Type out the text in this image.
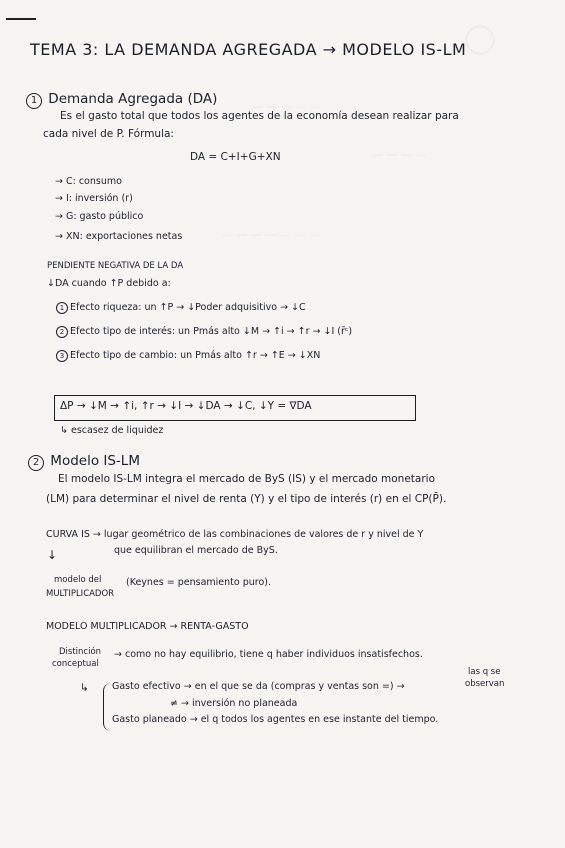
— — — — —
— — — —
— — — — — — —
TEMA 3: LA DEMANDA AGREGADA → MODELO IS-LM
1 Demanda Agregada (DA)
Es el gasto total que todos los agentes de la economía desean realizar para
cada nivel de P. Fórmula:
DA = C+I+G+XN
→ C: consumo
→ I: inversión (r)
→ G: gasto público
→ XN: exportaciones netas
PENDIENTE NEGATIVA DE LA DA
↓DA cuando ↑P debido a:
1 Efecto riqueza: un ↑P → ↓Poder adquisitivo → ↓C
2 Efecto tipo de interés: un Pmás alto ↓M → ↑i → ↑r → ↓I (r̄ᶜ)
3 Efecto tipo de cambio: un Pmás alto ↑r → ↑E → ↓XN
ΔP → ↓M → ↑i, ↑r → ↓I → ↓DA → ↓C, ↓Y = ∇DA
↳ escasez de liquidez
2 Modelo IS-LM
El modelo IS-LM integra el mercado de ByS (IS) y el mercado monetario
(LM) para determinar el nivel de renta (Y) y el tipo de interés (r) en el CP(P̄).
CURVA IS → lugar geométrico de las combinaciones de valores de r y nivel de Y
que equilibran el mercado de ByS.
↓
modelo del
MULTIPLICADOR
(Keynes = pensamiento puro).
MODELO MULTIPLICADOR → RENTA-GASTO
Distinción
conceptual
→ como no hay equilibrio, tiene q haber individuos insatisfechos.
↳ Gasto efectivo → en el que se da (compras y ventas son =) →
las q se
observan
≠ → inversión no planeada
Gasto planeado → el q todos los agentes en ese instante del tiempo.
